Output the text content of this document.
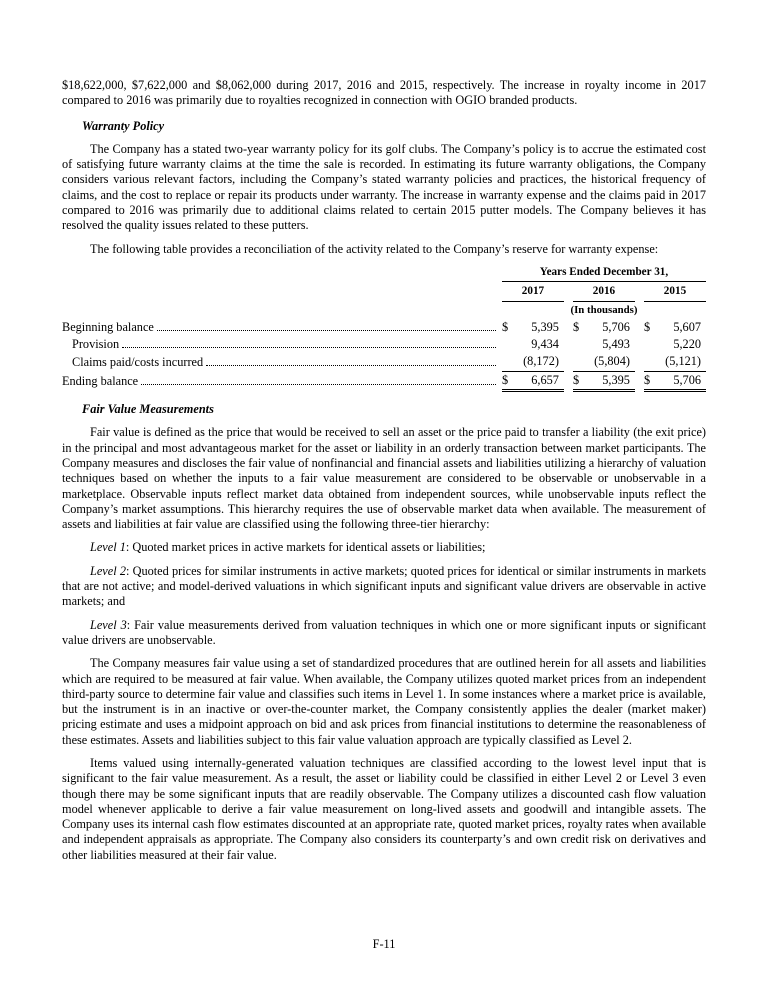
$18,622,000, $7,622,000 and $8,062,000 during 2017, 2016 and 2015, respectively. The increase in royalty income in 2017 compared to 2016 was primarily due to royalties recognized in connection with OGIO branded products.

Warranty Policy

The Company has a stated two-year warranty policy for its golf clubs. The Company’s policy is to accrue the estimated cost of satisfying future warranty claims at the time the sale is recorded. In estimating its future warranty obligations, the Company considers various relevant factors, including the Company’s stated warranty policies and practices, the historical frequency of claims, and the cost to replace or repair its products under warranty. The increase in warranty expense and the claims paid in 2017 compared to 2016 was primarily due to additional claims related to certain 2015 putter models. The Company believes it has resolved the quality issues related to these putters.

The following table provides a reconciliation of the activity related to the Company’s reserve for warranty expense:

	Years Ended December 31,							
	2017			2016			2015	
	(In thousands)							

Beginning balance	$	5,395		$	5,706		$	5,607

Provision		9,434			5,493			5,220

Claims paid/costs incurred		(8,172)			(5,804)			(5,121)

Ending balance	$	6,657		$	5,395		$	5,706
Fair Value Measurements

Fair value is defined as the price that would be received to sell an asset or the price paid to transfer a liability (the exit price) in the principal and most advantageous market for the asset or liability in an orderly transaction between market participants. The Company measures and discloses the fair value of nonfinancial and financial assets and liabilities utilizing a hierarchy of valuation techniques based on whether the inputs to a fair value measurement are considered to be observable or unobservable in a marketplace. Observable inputs reflect market data obtained from independent sources, while unobservable inputs reflect the Company’s market assumptions. This hierarchy requires the use of observable market data when available. The measurement of assets and liabilities at fair value are classified using the following three-tier hierarchy:

Level 1: Quoted market prices in active markets for identical assets or liabilities;

Level 2: Quoted prices for similar instruments in active markets; quoted prices for identical or similar instruments in markets that are not active; and model-derived valuations in which significant inputs and significant value drivers are observable in active markets; and

Level 3: Fair value measurements derived from valuation techniques in which one or more significant inputs or significant value drivers are unobservable.

The Company measures fair value using a set of standardized procedures that are outlined herein for all assets and liabilities which are required to be measured at fair value. When available, the Company utilizes quoted market prices from an independent third-party source to determine fair value and classifies such items in Level 1. In some instances where a market price is available, but the instrument is in an inactive or over-the-counter market, the Company consistently applies the dealer (market maker) pricing estimate and uses a midpoint approach on bid and ask prices from financial institutions to determine the reasonableness of these estimates. Assets and liabilities subject to this fair value valuation approach are typically classified as Level 2.

Items valued using internally-generated valuation techniques are classified according to the lowest level input that is significant to the fair value measurement. As a result, the asset or liability could be classified in either Level 2 or Level 3 even though there may be some significant inputs that are readily observable. The Company utilizes a discounted cash flow valuation model whenever applicable to derive a fair value measurement on long-lived assets and goodwill and intangible assets. The Company uses its internal cash flow estimates discounted at an appropriate rate, quoted market prices, royalty rates when available and independent appraisals as appropriate. The Company also considers its counterparty’s and own credit risk on derivatives and other liabilities measured at their fair value.

F-11
